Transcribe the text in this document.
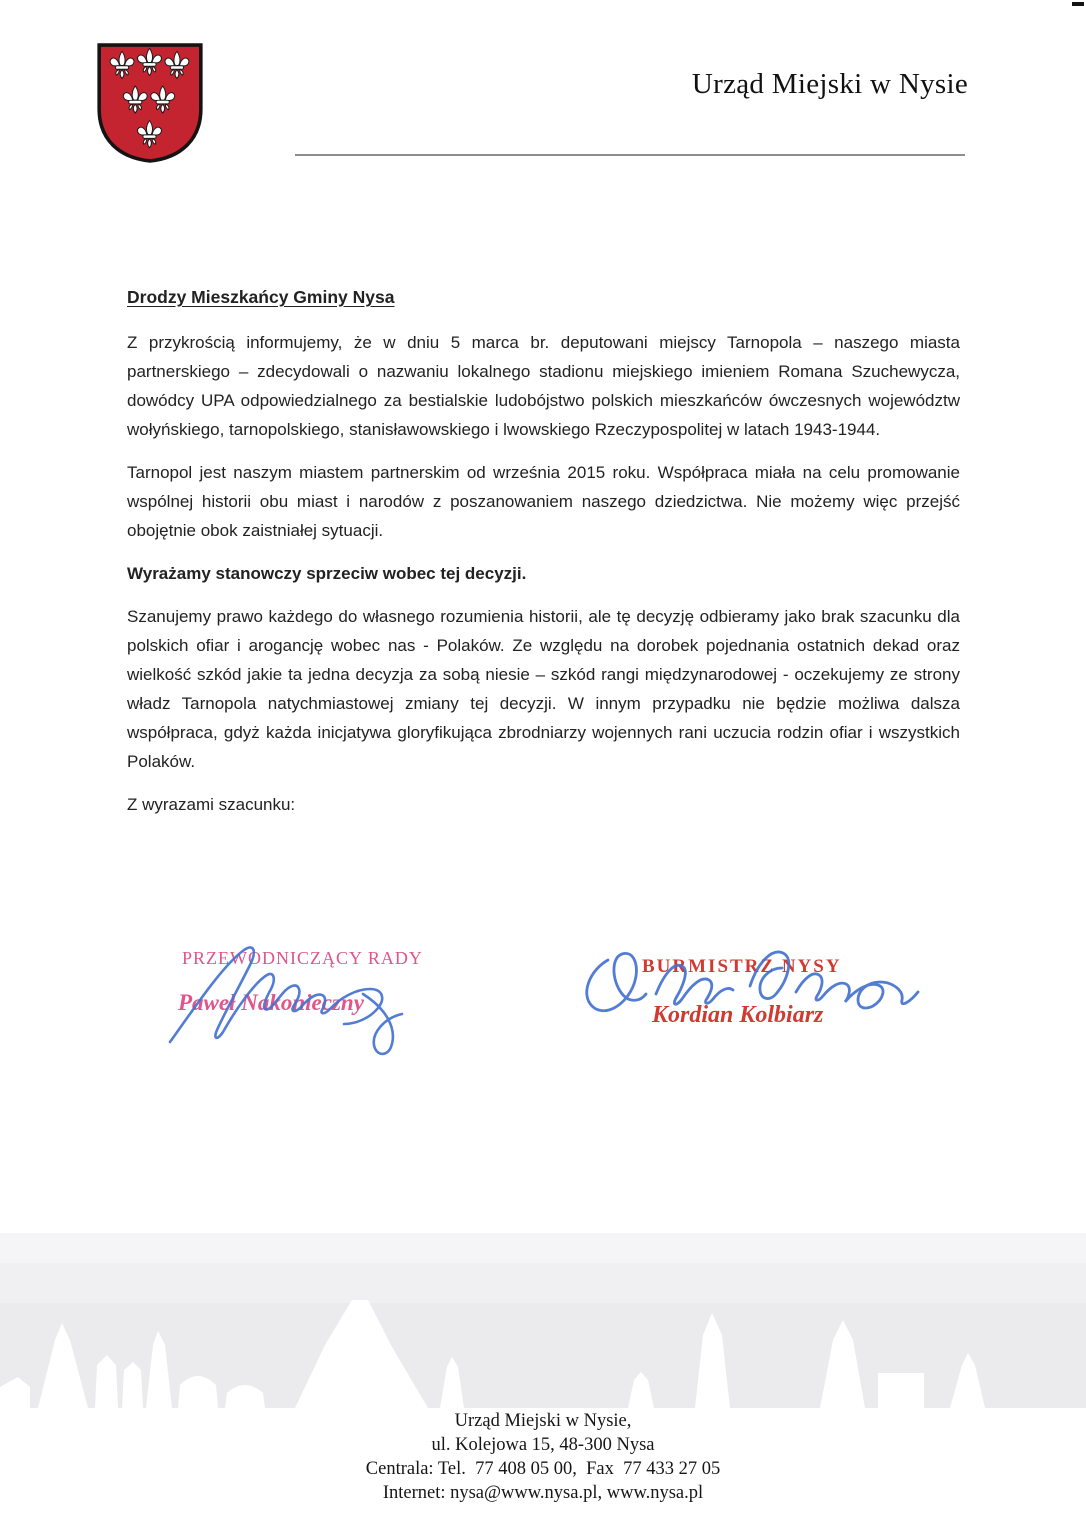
Urząd Miejski w Nysie
Drodzy Mieszkańcy Gminy Nysa

Z przykrością informujemy, że w dniu 5 marca br. deputowani miejscy Tarnopola – naszego miasta partnerskiego – zdecydowali o nazwaniu lokalnego stadionu miejskiego imieniem Romana Szuchewycza, dowódcy UPA odpowiedzialnego za bestialskie ludobójstwo polskich mieszkańców ówczesnych województw wołyńskiego, tarnopolskiego, stanisławowskiego i lwowskiego Rzeczypospolitej w latach 1943-1944.

Tarnopol jest naszym miastem partnerskim od września 2015 roku. Współpraca miała na celu promowanie wspólnej historii obu miast i narodów z poszanowaniem naszego dziedzictwa. Nie możemy więc przejść obojętnie obok zaistniałej sytuacji.

Wyrażamy stanowczy sprzeciw wobec tej decyzji.

Szanujemy prawo każdego do własnego rozumienia historii, ale tę decyzję odbieramy jako brak szacunku dla polskich ofiar i arogancję wobec nas - Polaków. Ze względu na dorobek pojednania ostatnich dekad oraz wielkość szkód jakie ta jedna decyzja za sobą niesie – szkód rangi międzynarodowej - oczekujemy ze strony władz Tarnopola natychmiastowej zmiany tej decyzji. W innym przypadku nie będzie możliwa dalsza współpraca, gdyż każda inicjatywa gloryfikująca zbrodniarzy wojennych rani uczucia rodzin ofiar i wszystkich Polaków.

Z wyrazami szacunku:

PRZEWODNICZĄCY RADY
Paweł Nakonieczny
BURMISTRZ NYSY
Kordian Kolbiarz
Urząd Miejski w Nysie,
ul. Kolejowa 15, 48-300 Nysa
Centrala: Tel.  77 408 05 00,  Fax  77 433 27 05
Internet: nysa@www.nysa.pl, www.nysa.pl
